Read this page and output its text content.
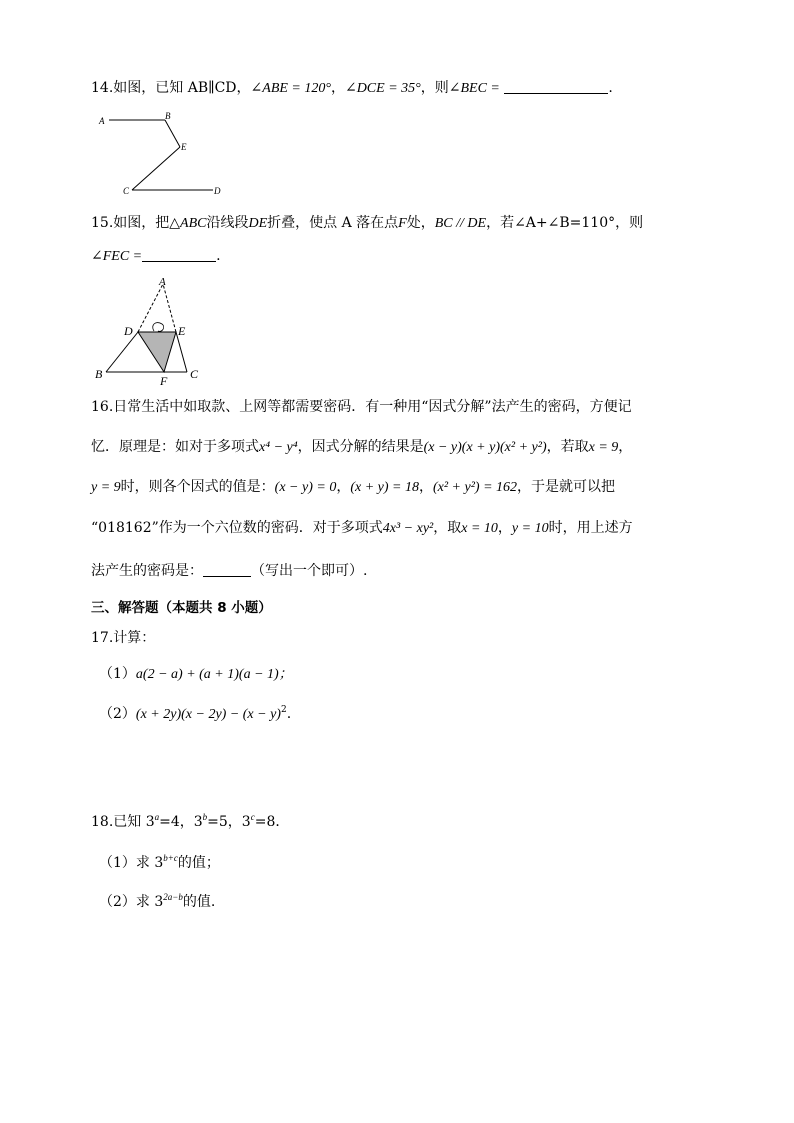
14.如图，已知 AB∥CD，∠ABE = 120°，∠DCE = 35°，则∠BEC =	.
A	B
E
C	D
15.如图，把△ABC沿线段DE折叠，使点 A 落在点F处，BC // DE，若∠A+∠B=110°，则
∠FEC =	.
A
D	E
B	F C
16.日常生活中如取款、上网等都需要密码．有一种用“因式分解”法产生的密码，方便记
忆．原理是：如对于多项式x⁴ − y⁴，因式分解的结果是(x − y)(x + y)(x² + y²)，若取x = 9，
y = 9时，则各个因式的值是：(x − y) = 0，(x + y) = 18，(x² + y²) = 162，于是就可以把
“018162”作为一个六位数的密码．对于多项式4x³ − xy²，取x = 10，y = 10时，用上述方
法产生的密码是：	（写出一个即可）.
三、解答题（本题共 8 小题）
17.计算：
（1）a(2 − a) + (a + 1)(a − 1)；
$(2)(x + 2y)(x - 2y) - (x - y)^2$.
18.已知 $3^a=4$，$3^b=5$，$3^c=8$．
（1）求 $3^{b+c}$的值；
（2）求 $3^{2a-b}$的值.
